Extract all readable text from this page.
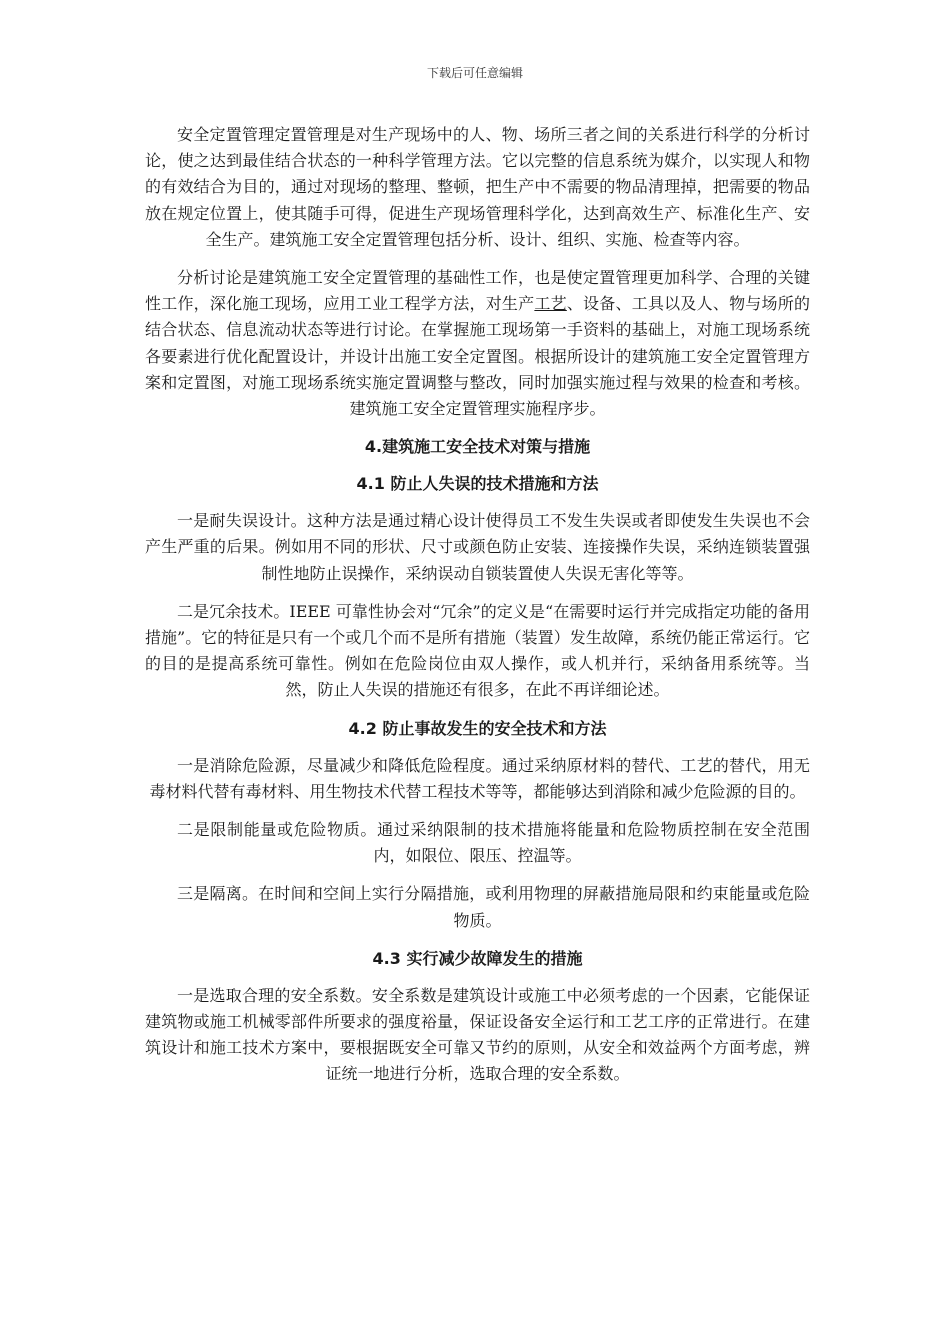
下载后可任意编辑

安全定置管理定置管理是对生产现场中的人、物、场所三者之间的关系进行科学的分析讨论，使之达到最佳结合状态的一种科学管理方法。它以完整的信息系统为媒介，以实现人和物的有效结合为目的，通过对现场的整理、整顿，把生产中不需要的物品清理掉，把需要的物品放在规定位置上，使其随手可得，促进生产现场管理科学化，达到高效生产、标准化生产、安全生产。建筑施工安全定置管理包括分析、设计、组织、实施、检查等内容。

分析讨论是建筑施工安全定置管理的基础性工作，也是使定置管理更加科学、合理的关键性工作，深化施工现场，应用工业工程学方法，对生产工艺、设备、工具以及人、物与场所的结合状态、信息流动状态等进行讨论。在掌握施工现场第一手资料的基础上，对施工现场系统各要素进行优化配置设计，并设计出施工安全定置图。根据所设计的建筑施工安全定置管理方案和定置图，对施工现场系统实施定置调整与整改，同时加强实施过程与效果的检查和考核。建筑施工安全定置管理实施程序步。

4.建筑施工安全技术对策与措施
4.1 防止人失误的技术措施和方法

一是耐失误设计。这种方法是通过精心设计使得员工不发生失误或者即使发生失误也不会产生严重的后果。例如用不同的形状、尺寸或颜色防止安装、连接操作失误，采纳连锁装置强制性地防止误操作，采纳误动自锁装置使人失误无害化等等。

二是冗余技术。IEEE 可靠性协会对“冗余”的定义是“在需要时运行并完成指定功能的备用措施”。它的特征是只有一个或几个而不是所有措施（装置）发生故障，系统仍能正常运行。它的目的是提高系统可靠性。例如在危险岗位由双人操作，或人机并行，采纳备用系统等。当然，防止人失误的措施还有很多，在此不再详细论述。

4.2 防止事故发生的安全技术和方法

一是消除危险源，尽量减少和降低危险程度。通过采纳原材料的替代、工艺的替代，用无毒材料代替有毒材料、用生物技术代替工程技术等等，都能够达到消除和减少危险源的目的。

二是限制能量或危险物质。通过采纳限制的技术措施将能量和危险物质控制在安全范围内，如限位、限压、控温等。

三是隔离。在时间和空间上实行分隔措施，或利用物理的屏蔽措施局限和约束能量或危险物质。

4.3 实行减少故障发生的措施

一是选取合理的安全系数。安全系数是建筑设计或施工中必须考虑的一个因素，它能保证建筑物或施工机械零部件所要求的强度裕量，保证设备安全运行和工艺工序的正常进行。在建筑设计和施工技术方案中，要根据既安全可靠又节约的原则，从安全和效益两个方面考虑，辨证统一地进行分析，选取合理的安全系数。
